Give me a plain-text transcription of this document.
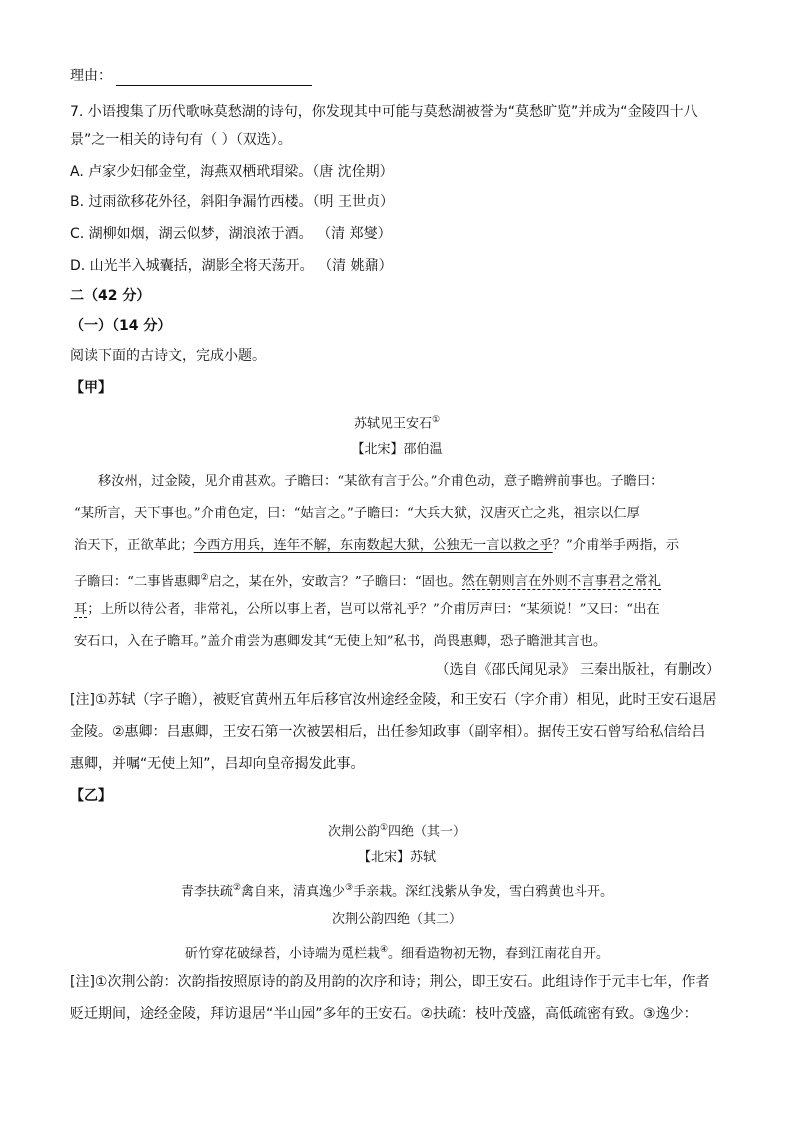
理由：
7. 小语搜集了历代歌咏莫愁湖的诗句，你发现其中可能与莫愁湖被誉为“莫愁旷览”并成为“金陵四十八
景”之一相关的诗句有（ ）（双选）。
A. 卢家少妇郁金堂，海燕双栖玳瑁梁。（唐 沈佺期）
B. 过雨欲移花外径，斜阳争漏竹西楼。（明 王世贞）
C. 湖柳如烟，湖云似梦，湖浪浓于酒。 （清 郑燮）
D. 山光半入城囊括，湖影全将天荡开。 （清 姚鼐）
二（42 分）
（一）（14 分）
阅读下面的古诗文，完成小题。
【甲】
苏轼见王安石①
【北宋】邵伯温
移汝州，过金陵，见介甫甚欢。子瞻曰：“某欲有言于公。”介甫色动，意子瞻辨前事也。子瞻曰：
“某所言，天下事也。”介甫色定，曰：“姑言之。”子瞻曰：“大兵大狱，汉唐灭亡之兆，祖宗以仁厚
治天下，正欲革此；今西方用兵，连年不解，东南数起大狱，公独无一言以救之乎？”介甫举手两指，示
子瞻曰：“二事皆惠卿②启之，某在外，安敢言？”子瞻曰：“固也。然在朝则言在外则不言事君之常礼
耳；上所以待公者，非常礼，公所以事上者，岂可以常礼乎？”介甫厉声曰：“某须说！”又曰：“出在
安石口，入在子瞻耳。”盖介甫尝为惠卿发其“无使上知”私书，尚畏惠卿，恐子瞻泄其言也。
（选自《邵氏闻见录》 三秦出版社，有删改）
[注]①苏轼（字子瞻），被贬官黄州五年后移官汝州途经金陵，和王安石（字介甫）相见，此时王安石退居
金陵。②惠卿：吕惠卿，王安石第一次被罢相后，出任参知政事（副宰相）。据传王安石曾写给私信给吕
惠卿，并嘱“无使上知”，吕却向皇帝揭发此事。
【乙】
次荆公韵①四绝（其一）
【北宋】苏轼
青李扶疏②禽自来，清真逸少③手亲栽。深红浅紫从争发，雪白鸦黄也斗开。
次荆公韵四绝（其二）
斫竹穿花破绿苔，小诗端为觅栏栽④。细看造物初无物，春到江南花自开。
[注]①次荆公韵：次韵指按照原诗的韵及用韵的次序和诗；荆公，即王安石。此组诗作于元丰七年，作者
贬迁期间，途经金陵，拜访退居“半山园”多年的王安石。②扶疏：枝叶茂盛，高低疏密有致。③逸少：
